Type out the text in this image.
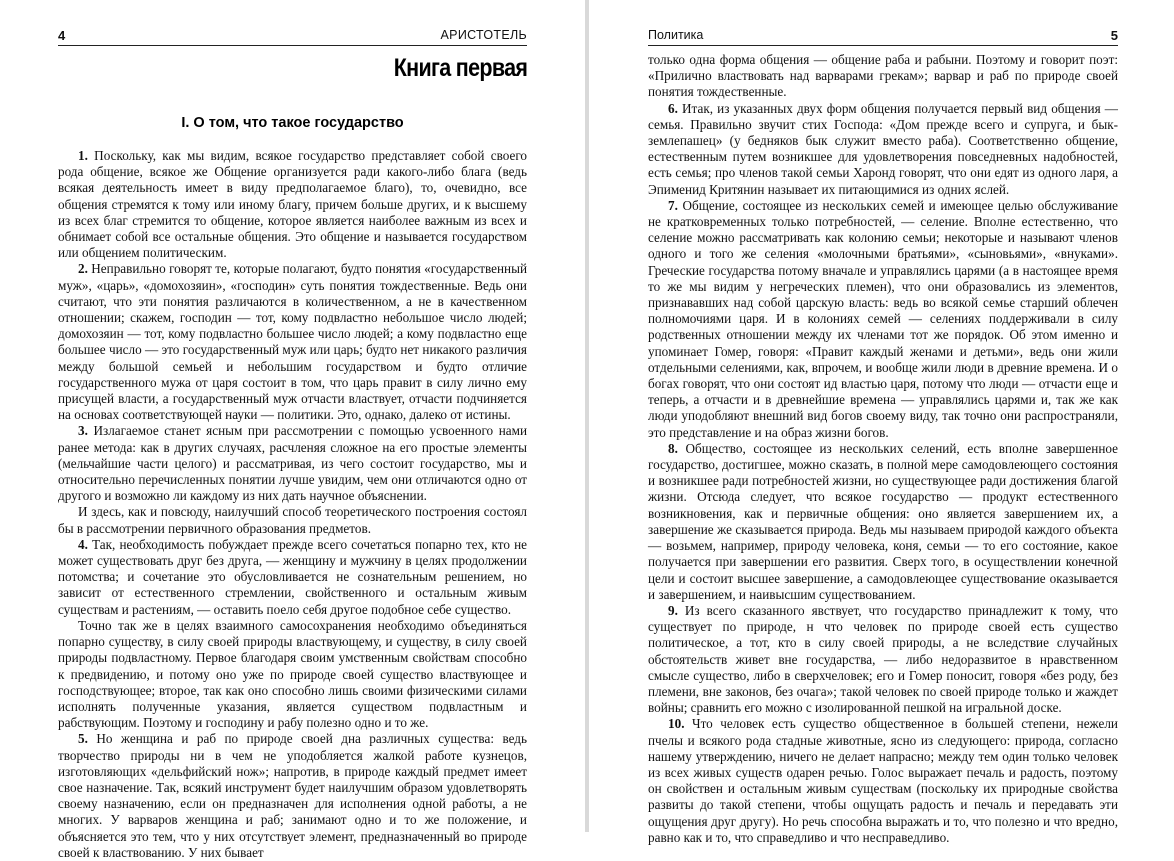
4	АРИСТОТЕЛЬ
Книга первая
I. О том, что такое государство

1. Поскольку, как мы видим, всякое государство представляет собой своего рода общение, всякое же Общение организуется ради какого-либо блага (ведь всякая деятельность имеет в виду предполагаемое благо), то, очевидно, все общения стремятся к тому или иному благу, причем больше других, и к высшему из всех благ стремится то общение, которое является наиболее важным из всех и обнимает собой все остальные общения. Это общение и называется государством или общением политическим.

2. Неправильно говорят те, которые полагают, будто понятия «государственный муж», «царь», «домохозяин», «господин» суть понятия тождественные. Ведь они считают, что эти понятия различаются в количественном, а не в качественном отношении; скажем, господин — тот, кому подвластно небольшое число людей; домохозяин — тот, кому подвластно большее число людей; а кому подвластно еще большее число — это государственный муж или царь; будто нет никакого различия между большой семьей и небольшим государством и будто отличие государственного мужа от царя состоит в том, что царь правит в силу лично ему присущей власти, а государственный муж отчасти властвует, отчасти подчиняется на основах соответствующей науки — политики. Это, однако, далеко от истины.

3. Излагаемое станет ясным при рассмотрении с помощью усвоенного нами ранее метода: как в других случаях, расчленяя сложное на его простые элементы (мельчайшие части целого) и рассматривая, из чего состоит государство, мы и относительно перечисленных понятии лучше увидим, чем они отличаются одно от другого и возможно ли каждому из них дать научное объяснении.

И здесь, как и повсюду, наилучший способ теоретического построения состоял бы в рассмотрении первичного образования предметов.

4. Так, необходимость побуждает прежде всего сочетаться попарно тех, кто не может существовать друг без друга, — женщину и мужчину в целях продолжении потомства; и сочетание это обусловливается не сознательным решением, но зависит от естественного стремлении, свойственного и остальным живым существам и растениям, — оставить поело себя другое подобное себе существо.

Точно так же в целях взаимного самосохранения необходимо объединяться попарно существу, в силу своей природы властвующему, и существу, в силу своей природы подвластному. Первое благодаря своим умственным свойствам способно к предвидению, и потому оно уже по природе своей существо властвующее и господствующее; второе, так как оно способно лишь своими физическими силами исполнять полученные указания, является существом подвластным и рабствующим. Поэтому и господину и рабу полезно одно и то же.

5. Но женщина и раб по природе своей дна различных существа: ведь творчество природы ни в чем не уподобляется жалкой работе кузнецов, изготовляющих «дельфийский нож»; напротив, в природе каждый предмет имеет свое назначение. Так, всякий инструмент будет наилучшим образом удовлетворять своему назначению, если он предназначен для исполнения одной работы, а не многих. У варваров женщина и раб; занимают одно и то же положение, и объясняется это тем, что у них отсутствует элемент, предназначенный во природе своей к властвованию. У них бывает

Политика	5

только одна форма общения — общение раба и рабыни. Поэтому и говорит поэт: «Прилично властвовать над варварами грекам»; варвар и раб по природе своей понятия тождественные.

6. Итак, из указанных двух форм общения получается первый вид общения — семья. Правильно звучит стих Господа: «Дом прежде всего и супруга, и бык-землепашец» (у бедняков бык служит вместо раба). Соответственно общение, естественным путем возникшее для удовлетворения повседневных надобностей, есть семья; про членов такой семьи Харонд говорят, что они едят из одного ларя, а Эпименид Критянин называет их питающимися из одних яслей.

7. Общение, состоящее из нескольких семей и имеющее целью обслуживание не кратковременных только потребностей, — селение. Вполне естественно, что селение можно рассматривать как колонию семьи; некоторые и называют членов одного и того же селения «молочными братьями», «сыновьями», «внуками». Греческие государства потому вначале и управлялись царями (а в настоящее время то же мы видим у негреческих племен), что они образовались из элементов, признававших над собой царскую власть: ведь во всякой семье старший облечен полномочиями царя. И в колониях семей — селениях поддерживали в силу родственных отношении между их членами тот же порядок. Об этом именно и упоминает Гомер, говоря: «Правит каждый женами и детьми», ведь они жили отдельными селениями, как, впрочем, и вообще жили люди в древние времена. И о богах говорят, что они состоят ид властью царя, потому что люди — отчасти еще и теперь, а отчасти и в древнейшие времена — управлялись царями и, так же как люди уподобляют внешний вид богов своему виду, так точно они распространяли, это представление и на образ жизни богов.

8. Общество, состоящее из нескольких селений, есть вполне завершенное государство, достигшее, можно сказать, в полной мере самодовлеющего состояния и возникшее ради потребностей жизни, но существующее ради достижения благой жизни. Отсюда следует, что всякое государство — продукт естественного возникновения, как и первичные общения: оно является завершением их, а завершение же сказывается природа. Ведь мы называем природой каждого объекта — возьмем, например, природу человека, коня, семьи — то его состояние, какое получается при завершении его развития. Сверх того, в осуществлении конечной цели и состоит высшее завершение, а самодовлеющее существование оказывается и завершением, и наивысшим существованием.

9. Из всего сказанного явствует, что государство принадлежит к тому, что существует по природе, н что человек по природе своей есть существо политическое, а тот, кто в силу своей природы, а не вследствие случайных обстоятельств живет вне государства, — либо недоразвитое в нравственном смысле существо, либо в сверхчеловек; его и Гомер поносит, говоря «без роду, без племени, вне законов, без очага»; такой человек по своей природе только и жаждет войны; сравнить его можно с изолированной пешкой на игральной доске.

10. Что человек есть существо общественное в большей степени, нежели пчелы и всякого рода стадные животные, ясно из следующего: природа, согласно нашему утверждению, ничего не делает напрасно; между тем один только человек из всех живых существ одарен речью. Голос выражает печаль и радость, поэтому он свойствен и остальным живым существам (поскольку их природные свойства развиты до такой степени, чтобы ощущать радость и печаль и передавать эти ощущения друг другу). Но речь способна выражать и то, что полезно и что вредно, равно как и то, что справедливо и что несправедливо.
